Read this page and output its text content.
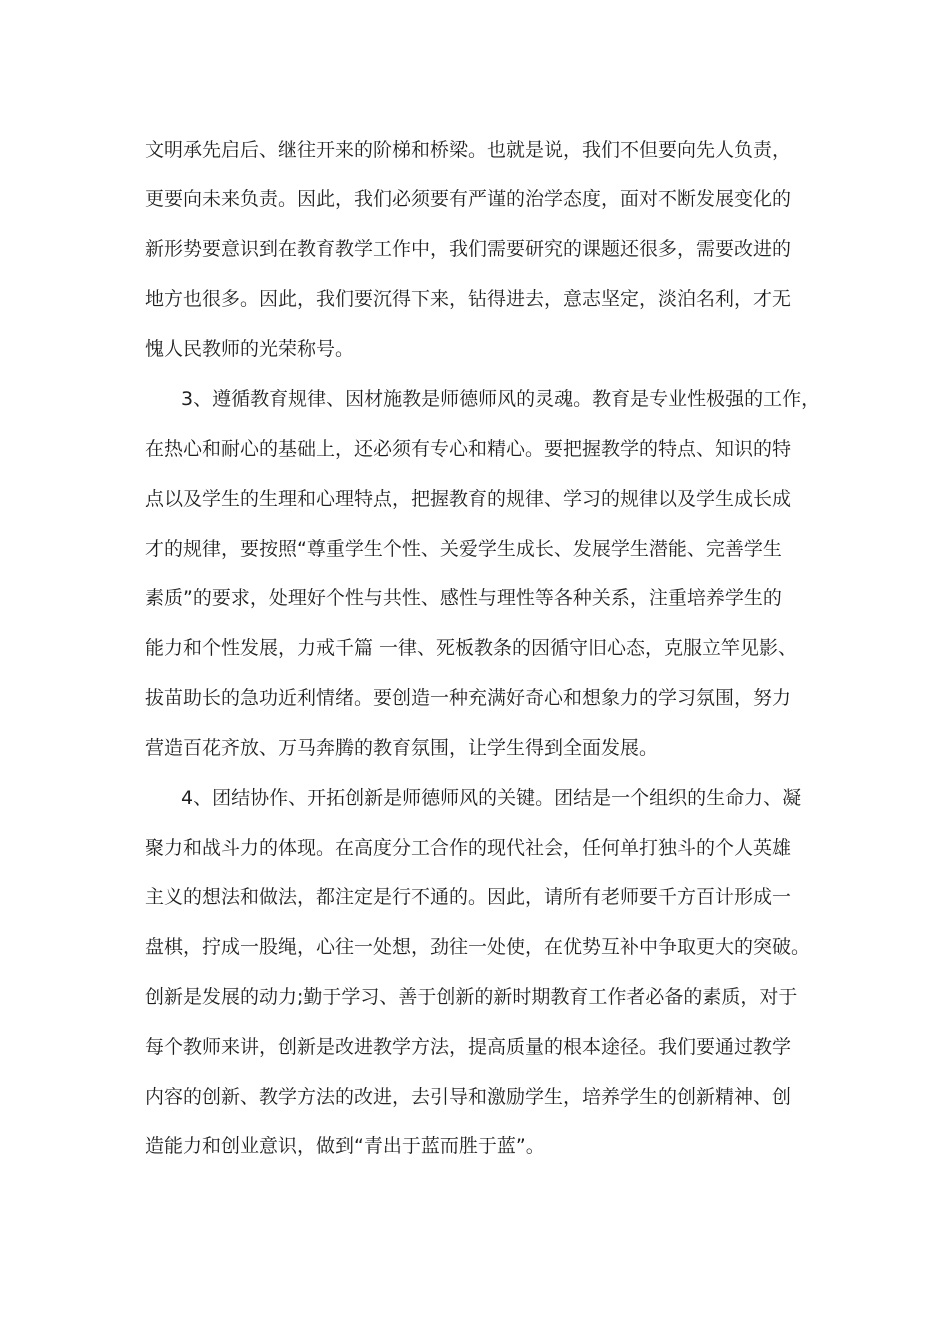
文明承先启后、继往开来的阶梯和桥梁。也就是说，我们不但要向先人负责，
更要向未来负责。因此，我们必须要有严谨的治学态度，面对不断发展变化的
新形势要意识到在教育教学工作中，我们需要研究的课题还很多，需要改进的
地方也很多。因此，我们要沉得下来，钻得进去，意志坚定，淡泊名利，才无
愧人民教师的光荣称号。
3、遵循教育规律、因材施教是师德师风的灵魂。教育是专业性极强的工作，
在热心和耐心的基础上，还必须有专心和精心。要把握教学的特点、知识的特
点以及学生的生理和心理特点，把握教育的规律、学习的规律以及学生成长成
才的规律，要按照“尊重学生个性、关爱学生成长、发展学生潜能、完善学生
素质”的要求，处理好个性与共性、感性与理性等各种关系，注重培养学生的
能力和个性发展，力戒千篇 一律、死板教条的因循守旧心态，克服立竿见影、
拔苗助长的急功近利情绪。要创造一种充满好奇心和想象力的学习氛围，努力
营造百花齐放、万马奔腾的教育氛围，让学生得到全面发展。
4、团结协作、开拓创新是师德师风的关键。团结是一个组织的生命力、凝
聚力和战斗力的体现。在高度分工合作的现代社会，任何单打独斗的个人英雄
主义的想法和做法，都注定是行不通的。因此，请所有老师要千方百计形成一
盘棋，拧成一股绳，心往一处想，劲往一处使，在优势互补中争取更大的突破。
创新是发展的动力;勤于学习、善于创新的新时期教育工作者必备的素质，对于
每个教师来讲，创新是改进教学方法，提高质量的根本途径。我们要通过教学
内容的创新、教学方法的改进，去引导和激励学生，培养学生的创新精神、创
造能力和创业意识，做到“青出于蓝而胜于蓝”。
